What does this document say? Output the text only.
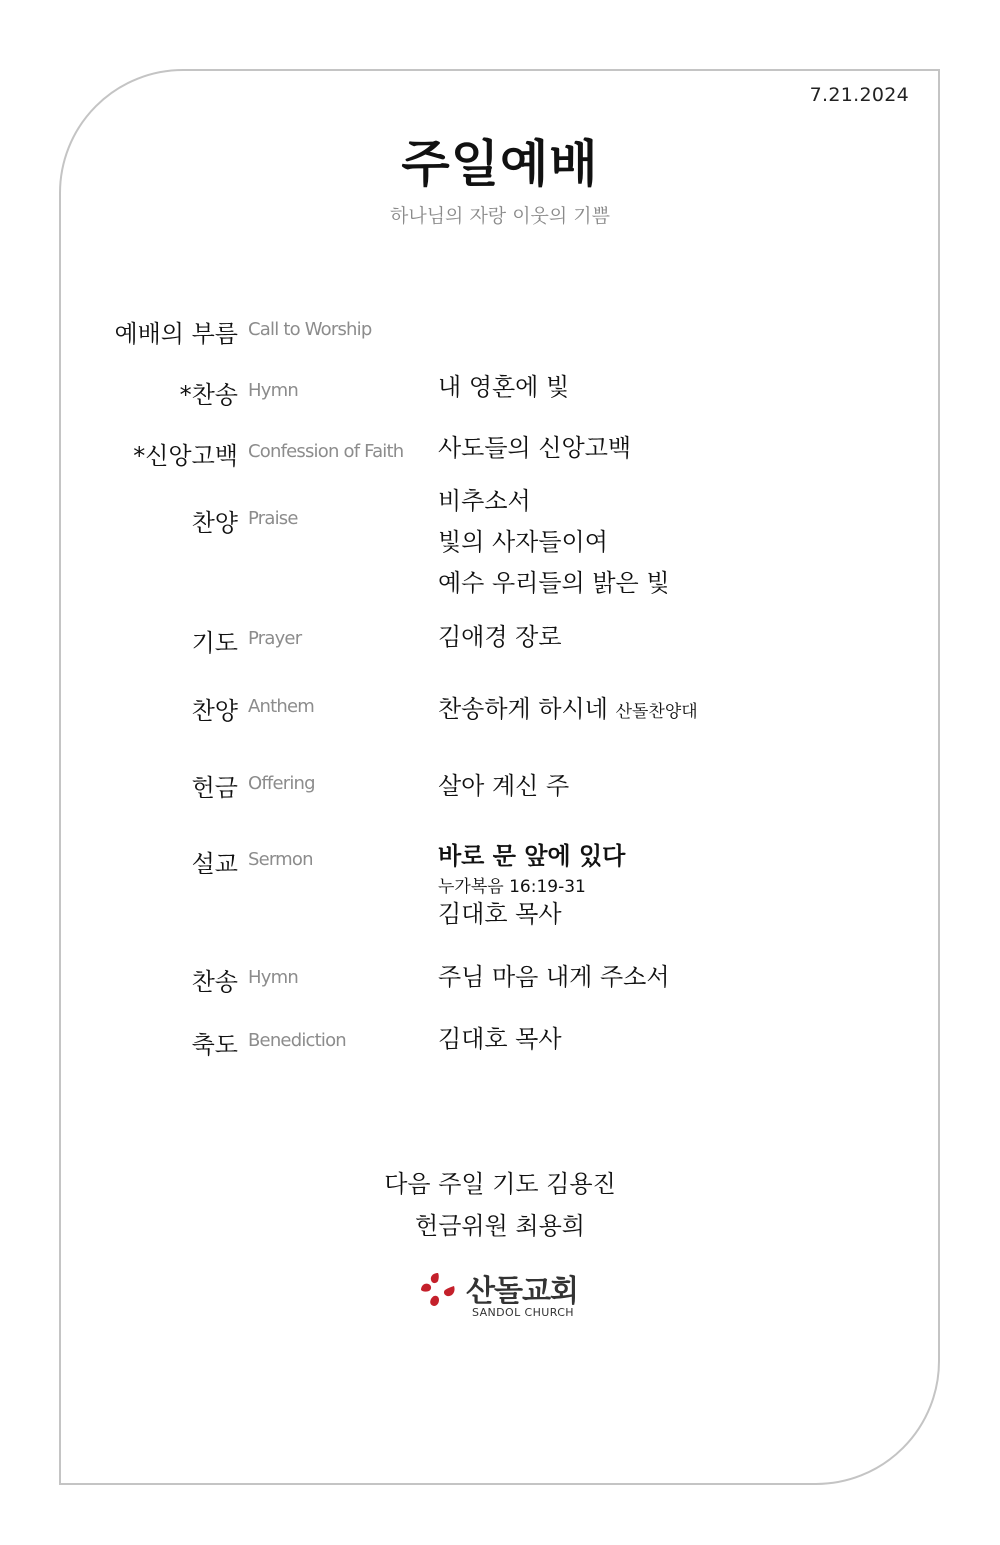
7.21.2024
주일예배
하나님의 자랑 이웃의 기쁨
예배의 부름 Call to Worship
*찬송 Hymn	내 영혼에 빛
*신앙고백 Confession of Faith 사도들의 신앙고백
찬양 Praise
비추소서
빛의 사자들이여
예수 우리들의 밝은 빛
기도 Prayer	김애경 장로
찬양 Anthem	찬송하게 하시네 산돌찬양대
헌금 Offering	살아 계신 주
설교 Sermon	바로 문 앞에 있다
누가복음 16:19-31
김대호 목사
찬송 Hymn	주님 마음 내게 주소서
축도 Benediction	김대호 목사
다음 주일 기도 김용진
헌금위원 최용희
산돌교회
SANDOL CHURCH
